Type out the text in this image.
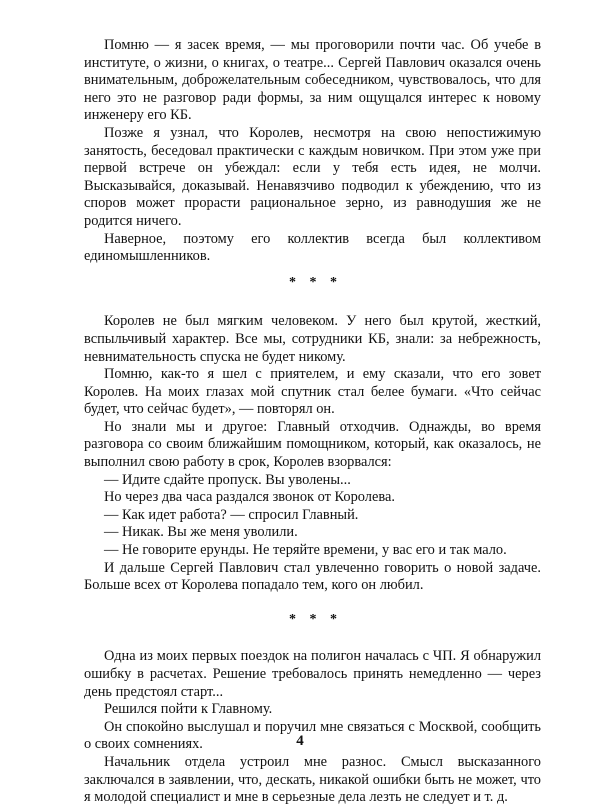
Помню — я засек время, — мы проговорили почти час. Об учебе в институте, о жизни, о книгах, о театре... Сергей Павлович оказался очень внимательным, доброжелательным собеседником, чувствовалось, что для него это не разговор ради формы, за ним ощущался интерес к новому инженеру его КБ.

Позже я узнал, что Королев, несмотря на свою непостижимую занятость, беседовал практически с каждым новичком. При этом уже при первой встрече он убеждал: если у тебя есть идея, не молчи. Высказывайся, доказывай. Ненавязчиво подводил к убеждению, что из споров может прорасти рациональное зерно, из равнодушия же не родится ничего.

Наверное, поэтому его коллектив всегда был коллективом единомышленников.

* * *

Королев не был мягким человеком. У него был крутой, жесткий, вспыльчивый характер. Все мы, сотрудники КБ, знали: за небрежность, невнимательность спуска не будет никому.

Помню, как-то я шел с приятелем, и ему сказали, что его зовет Королев. На моих глазах мой спутник стал белее бумаги. «Что сейчас будет, что сейчас будет», — повторял он.

Но знали мы и другое: Главный отходчив. Однажды, во время разговора со своим ближайшим помощником, который, как оказалось, не выполнил свою работу в срок, Королев взорвался:

— Идите сдайте пропуск. Вы уволены...

Но через два часа раздался звонок от Королева.

— Как идет работа? — спросил Главный.

— Никак. Вы же меня уволили.

— Не говорите ерунды. Не теряйте времени, у вас его и так мало.

И дальше Сергей Павлович стал увлеченно говорить о новой задаче. Больше всех от Королева попадало тем, кого он любил.

* * *

Одна из моих первых поездок на полигон началась с ЧП. Я обнаружил ошибку в расчетах. Решение требовалось принять немедленно — через день предстоял старт...

Решился пойти к Главному.

Он спокойно выслушал и поручил мне связаться с Москвой, сообщить о своих сомнениях.

Начальник отдела устроил мне разнос. Смысл высказанного заключался в заявлении, что, дескать, никакой ошибки быть не может, что я молодой специалист и мне в серьезные дела лезть не следует и т. д.

4
